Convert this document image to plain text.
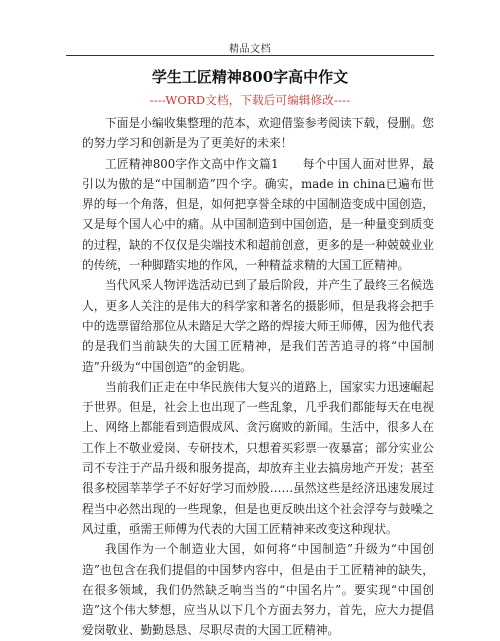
精品文档
学生工匠精神800字高中作文
----WORD文档，下载后可编辑修改----

下面是小编收集整理的范本，欢迎借鉴参考阅读下载，侵删。您的努力学习和创新是为了更美好的未来！

工匠精神800字作文高中作文篇1　　每个中国人面对世界，最引以为傲的是“中国制造”四个字。确实，made in china已遍布世界的每一个角落，但是，如何把享誉全球的中国制造变成中国创造，又是每个国人心中的痛。从中国制造到中国创造，是一种量变到质变的过程，缺的不仅仅是尖端技术和超前创意，更多的是一种兢兢业业的传统，一种脚踏实地的作风，一种精益求精的大国工匠精神。

当代风采人物评选活动已到了最后阶段，并产生了最终三名候选人，更多人关注的是伟大的科学家和著名的摄影师，但是我将会把手中的选票留给那位从未踏足大学之路的焊接大师王师傅，因为他代表的是我们当前缺失的大国工匠精神，是我们苦苦追寻的将“中国制造”升级为“中国创造”的金钥匙。

当前我们正走在中华民族伟大复兴的道路上，国家实力迅速崛起于世界。但是，社会上也出现了一些乱象，几乎我们都能每天在电视上、网络上都能看到造假成风、贪污腐败的新闻。生活中，很多人在工作上不敬业爱岗、专研技术，只想着买彩票一夜暴富；部分实业公司不专注于产品升级和服务提高，却放弃主业去搞房地产开发；甚至很多校园莘莘学子不好好学习而炒股……虽然这些是经济迅速发展过程当中必然出现的一些现象，但是也更反映出这个社会浮夸与鼓噪之风过重，亟需王师傅为代表的大国工匠精神来改变这种现状。

我国作为一个制造业大国，如何将“中国制造”升级为“中国创造”也包含在我们提倡的中国梦内容中，但是由于工匠精神的缺失，在很多领域，我们仍然缺乏响当当的“中国名片”。要实现“中国创造”这个伟大梦想，应当从以下几个方面去努力，首先，应大力提倡爱岗敬业、勤勤恳恳、尽职尽责的大国工匠精神。
